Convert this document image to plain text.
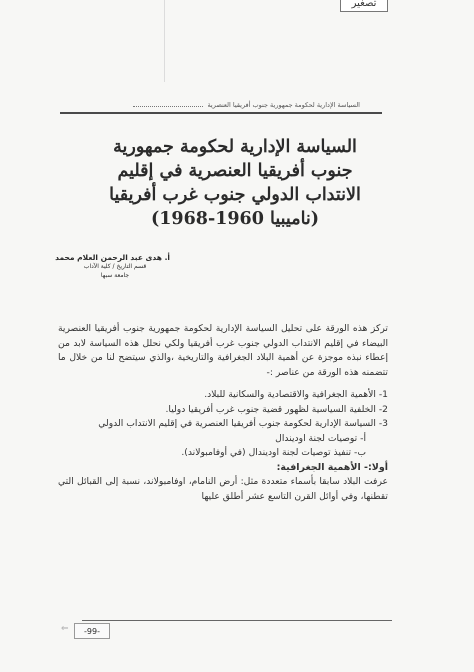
تصغير
السياسة الإدارية لحكومة جمهورية جنوب أفريقيا العنصرية
السياسة الإدارية لحكومة جمهورية
جنوب أفريقيا العنصرية في إقليم
الانتداب الدولي جنوب غرب أفريقيا
(ناميبيا 1960-1968)
أ. هدى عبد الرحمن العلام محمد
قسم التاريخ / كلية الآداب
جامعة سبها

تركز هذه الورقة على تحليل السياسة الإدارية لحكومة جمهورية جنوب أفريقيا العنصرية البيضاء في إقليم الانتداب الدولي جنوب غرب أفريقيا ولكي نحلل هذه السياسة لابد من إعطاء نبذه موجزة عن أهمية البلاد الجغرافية والتاريخية ،والذي سيتضح لنا من خلال ما تتضمنه هذه الورقة من عناصر :-

1- الأهمية الجغرافية والاقتصادية والسكانية للبلاد.

2- الخلفية السياسية لظهور قضية جنوب غرب أفريقيا دوليا.

3- السياسة الإدارية لحكومة جنوب أفريقيا العنصرية في إقليم الانتداب الدولي

أ- توصيات لجنة اوديندال

ب- تنفيذ توصيات لجنة اوديندال (في أوفامبولاند).

أولا:- الأهمية الجغرافية:

عرفت البلاد سابقا بأسماء متعددة مثل: أرض النامام، اوفامبولاند، نسبة إلى القبائل التي تقطنها، وفي أوائل القرن التاسع عشر أطلق عليها

⇐	-99-
